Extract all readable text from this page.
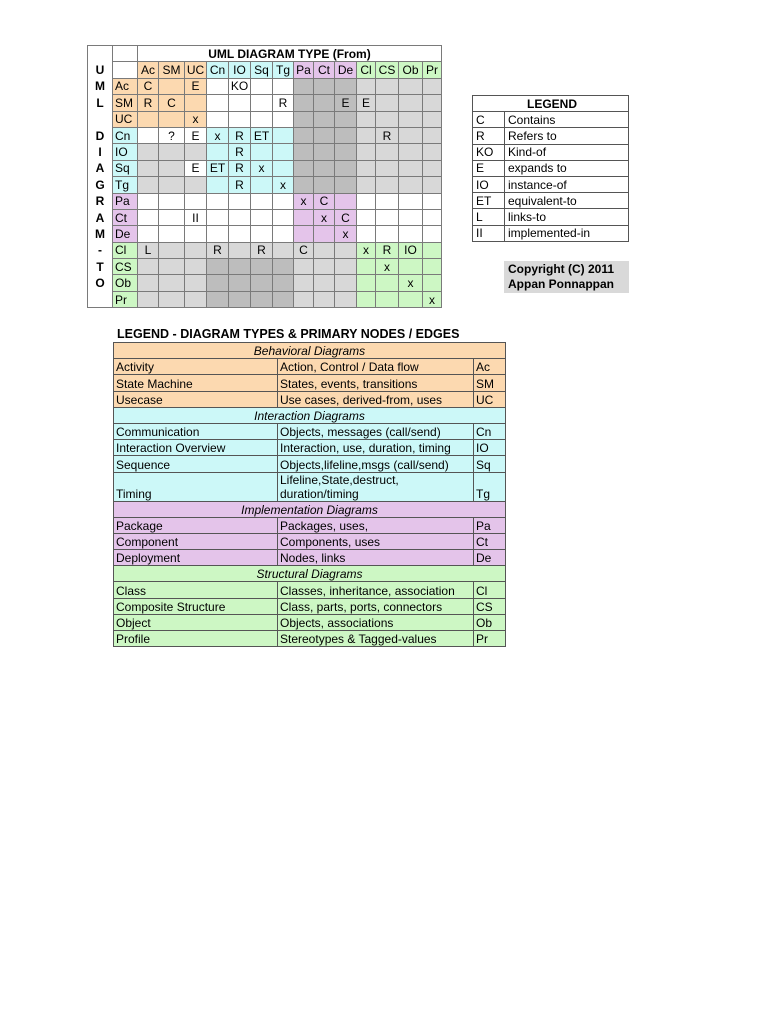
		UML DIAGRAM TYPE (From)													
U		Ac	SM	UC	Cn	IO	Sq	Tg	Pa	Ct	De	Cl	CS	Ob	Pr
M	Ac	C		E		KO									
L	SM	R	C					R			E	E			
	UC			x											
D	Cn		?	E	x	R	ET						R		
I	IO					R									
A	Sq			E	ET	R	x								
G	Tg					R		x							
R	Pa								x	C					
A	Ct			II						x	C				
M	De										x				
-	Cl	L			R		R		C			x	R	IO	
T	CS												x		
O	Ob													x	
	Pr														x
LEGEND	
C	Contains
R	Refers to
KO	Kind-of
E	expands to
IO	instance-of
ET	equivalent-to
L	links-to
II	implemented-in
Copyright (C) 2011
Appan Ponnappan
LEGEND - DIAGRAM TYPES & PRIMARY NODES / EDGES
Behavioral Diagrams		
Activity	Action, Control / Data flow	Ac
State Machine	States, events, transitions	SM
Usecase	Use cases, derived-from, uses	UC
Interaction Diagrams		
Communication	Objects, messages (call/send)	Cn
Interaction Overview	Interaction, use, duration, timing	IO
Sequence	Objects,lifeline,msgs (call/send)	Sq
Timing	Lifeline,State,destruct, duration/timing	Tg
Implementation Diagrams		
Package	Packages, uses,	Pa
Component	Components, uses	Ct
Deployment	Nodes, links	De
Structural Diagrams		
Class	Classes, inheritance, association	Cl
Composite Structure	Class, parts, ports, connectors	CS
Object	Objects, associations	Ob
Profile	Stereotypes & Tagged-values	Pr
